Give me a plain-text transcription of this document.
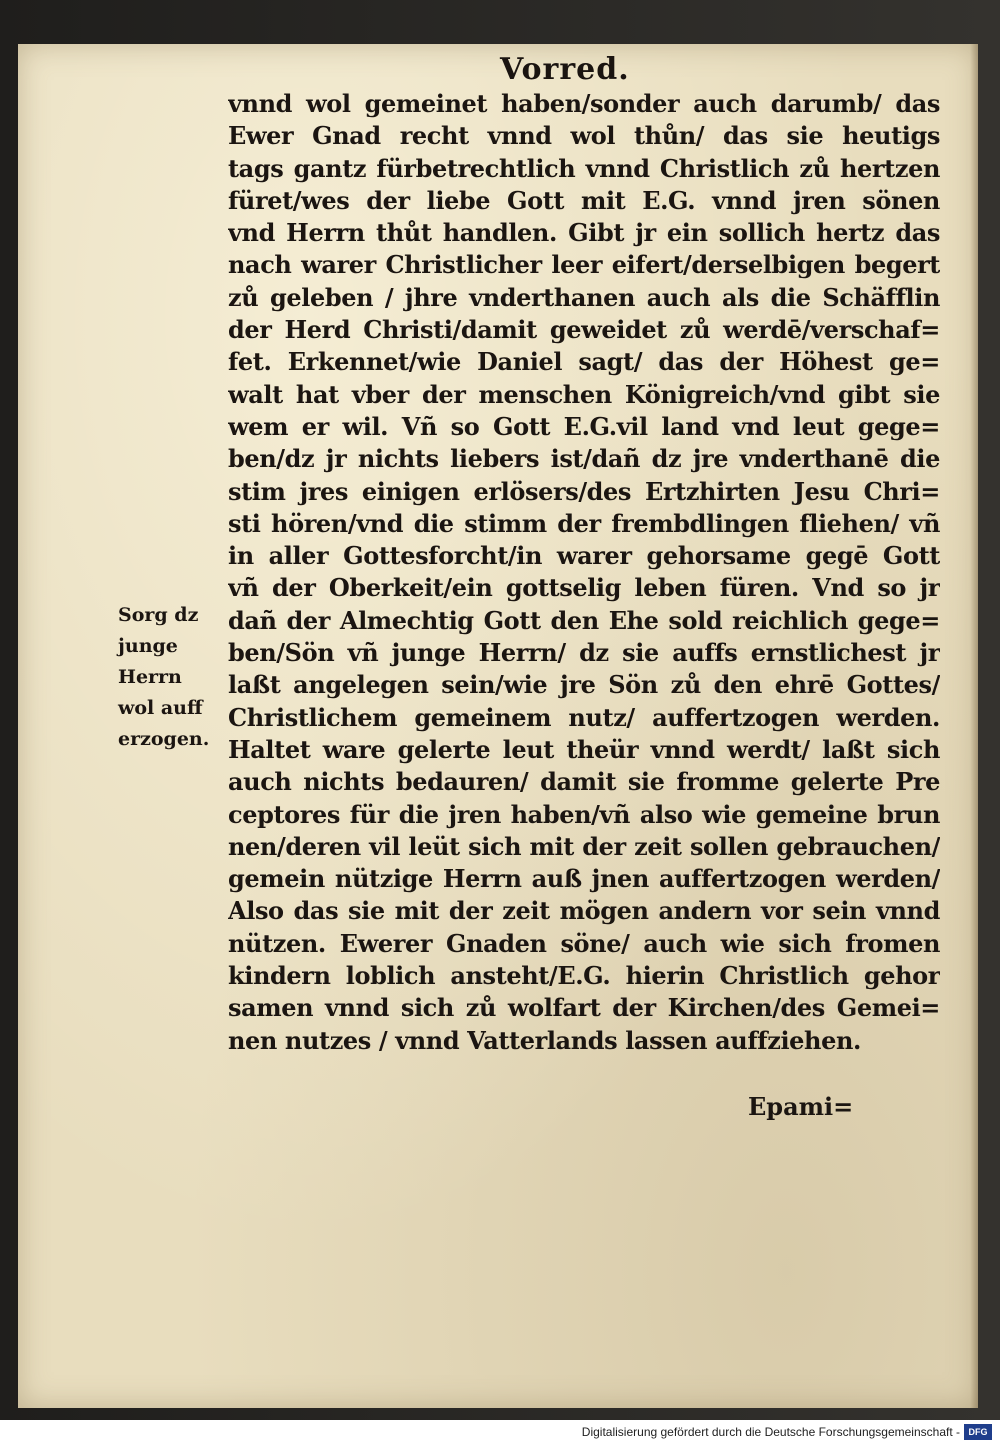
Vorred.
vnnd wol gemeinet haben/sonder auch darumb/ das
Ewer Gnad recht vnnd wol thůn/ das sie heutigs
tags gantz fürbetrechtlich vnnd Christlich zů hertzen
füret/wes der liebe Gott mit E.G. vnnd jren sönen
vnd Herrn thůt handlen. Gibt jr ein sollich hertz das
nach warer Christlicher leer eifert/derselbigen begert
zů geleben / jhre vnderthanen auch als die Schäfflin
der Herd Christi/damit geweidet zů werdē/verschaf=
fet. Erkennet/wie Daniel sagt/ das der Höhest ge=
walt hat vber der menschen Königreich/vnd gibt sie
wem er wil. Vñ so Gott E.G.vil land vnd leut gege=
ben/dz jr nichts liebers ist/dañ dz jre vnderthanē die
stim jres einigen erlösers/des Ertzhirten Jesu Chri=
sti hören/vnd die stimm der frembdlingen fliehen/ vñ
in aller Gottesforcht/in warer gehorsame gegē Gott
vñ der Oberkeit/ein gottselig leben füren. Vnd so jr
dañ der Almechtig Gott den Ehe sold reichlich gege=
ben/Sön vñ junge Herrn/ dz sie auffs ernstlichest jr
laßt angelegen sein/wie jre Sön zů den ehrē Gottes/
Christlichem gemeinem nutz/ auffertzogen werden.
Haltet ware gelerte leut theür vnnd werdt/ laßt sich
auch nichts bedauren/ damit sie fromme gelerte Pre
ceptores für die jren haben/vñ also wie gemeine brun
nen/deren vil leüt sich mit der zeit sollen gebrauchen/
gemein nützige Herrn auß jnen auffertzogen werden/
Also das sie mit der zeit mögen andern vor sein vnnd
nützen. Ewerer Gnaden söne/ auch wie sich fromen
kindern loblich ansteht/E.G. hierin Christlich gehor
samen vnnd sich zů wolfart der Kirchen/des Gemei=
nen nutzes / vnnd Vatterlands lassen auffziehen.
Epami=
Sorg dz
junge
Herrn
wol auff
erzogen.
Digitalisierung gefördert durch die Deutsche Forschungsgemeinschaft - DFG
